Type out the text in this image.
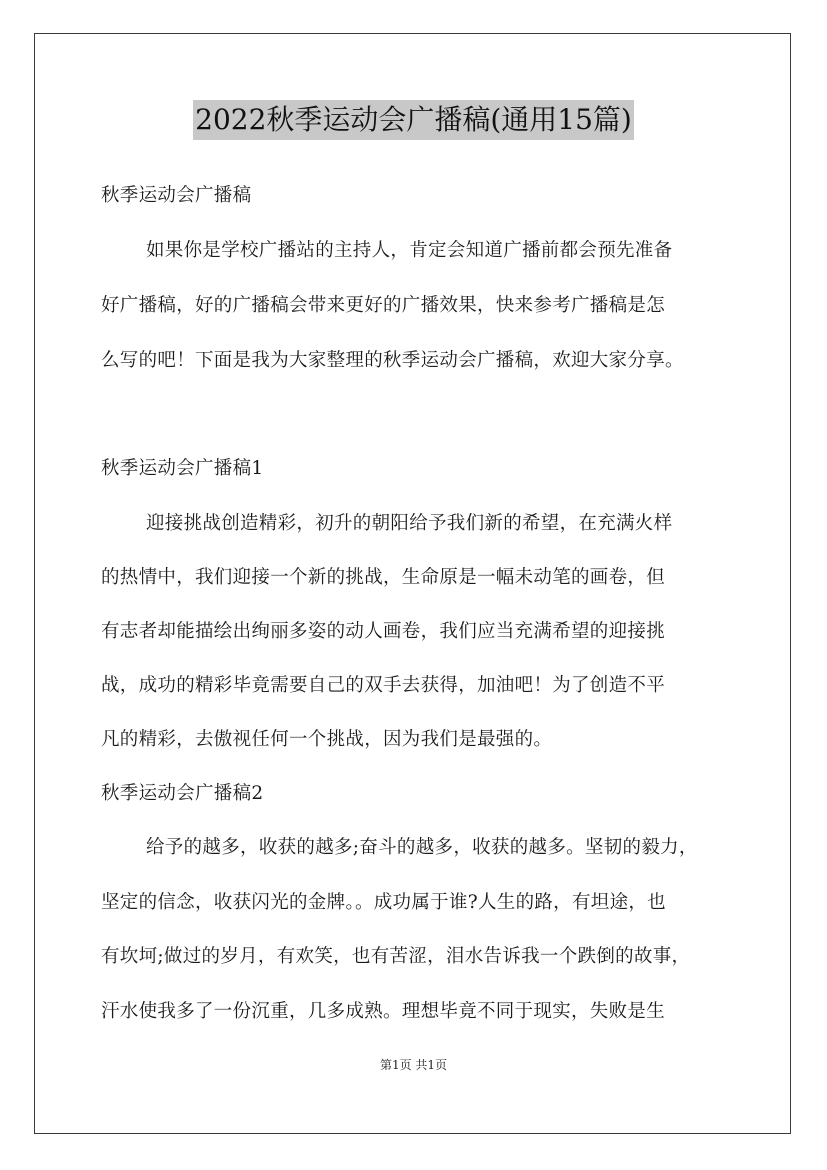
2022秋季运动会广播稿(通用15篇)
秋季运动会广播稿
如果你是学校广播站的主持人，肯定会知道广播前都会预先准备
好广播稿，好的广播稿会带来更好的广播效果，快来参考广播稿是怎
么写的吧！下面是我为大家整理的秋季运动会广播稿，欢迎大家分享。
秋季运动会广播稿1
迎接挑战创造精彩，初升的朝阳给予我们新的希望，在充满火样
的热情中，我们迎接一个新的挑战，生命原是一幅未动笔的画卷，但
有志者却能描绘出绚丽多姿的动人画卷，我们应当充满希望的迎接挑
战，成功的精彩毕竟需要自己的双手去获得，加油吧！为了创造不平
凡的精彩，去傲视任何一个挑战，因为我们是最强的。
秋季运动会广播稿2
给予的越多，收获的越多;奋斗的越多，收获的越多。坚韧的毅力，
坚定的信念，收获闪光的金牌。。成功属于谁?人生的路，有坦途，也
有坎坷;做过的岁月，有欢笑，也有苦涩，泪水告诉我一个跌倒的故事，
汗水使我多了一份沉重，几多成熟。理想毕竟不同于现实，失败是生
第1页 共1页
